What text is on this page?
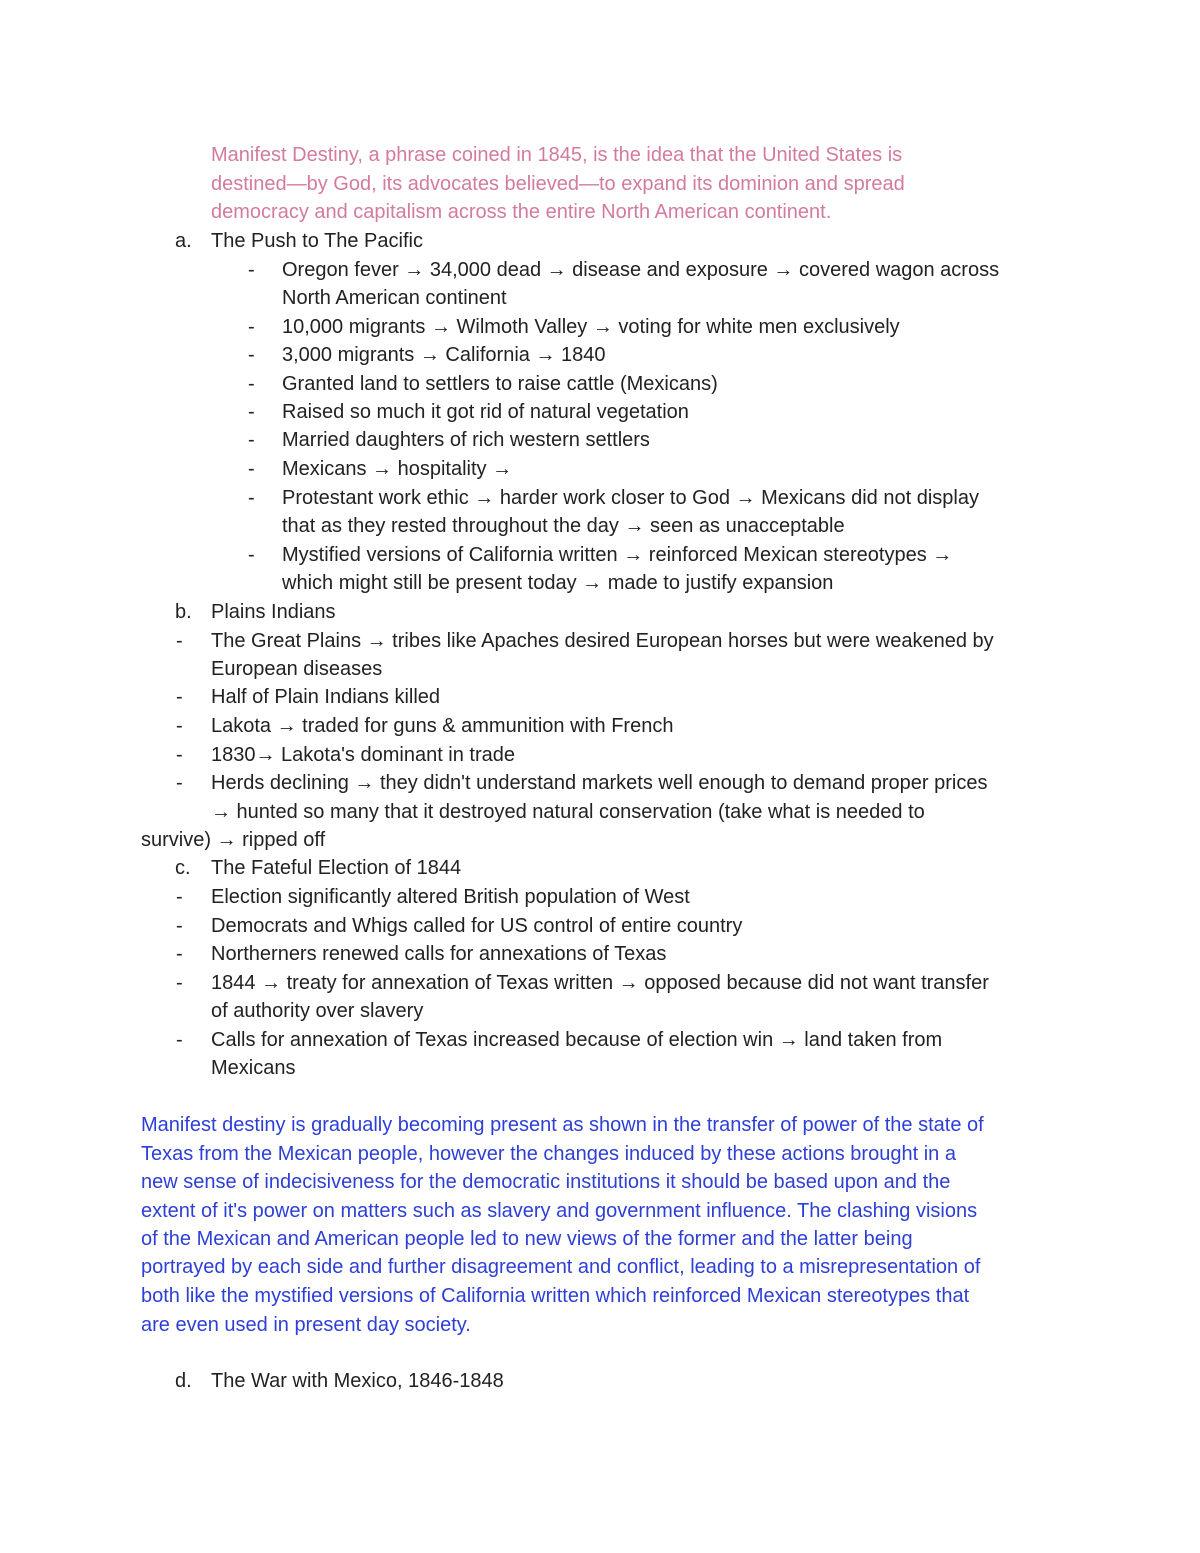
Manifest Destiny, a phrase coined in 1845, is the idea that the United States is
destined—by God, its advocates believed—to expand its dominion and spread
democracy and capitalism across the entire North American continent.
a. The Push to The Pacific
- Oregon fever → 34,000 dead → disease and exposure → covered wagon across
North American continent
- 10,000 migrants → Wilmoth Valley → voting for white men exclusively
- 3,000 migrants → California → 1840
- Granted land to settlers to raise cattle (Mexicans)
- Raised so much it got rid of natural vegetation
- Married daughters of rich western settlers
- Mexicans → hospitality →
- Protestant work ethic → harder work closer to God → Mexicans did not display
that as they rested throughout the day → seen as unacceptable
- Mystified versions of California written → reinforced Mexican stereotypes →
which might still be present today → made to justify expansion
b. Plains Indians
- The Great Plains → tribes like Apaches desired European horses but were weakened by
European diseases
- Half of Plain Indians killed
- Lakota → traded for guns & ammunition with French
- 1830→ Lakota's dominant in trade
- Herds declining → they didn't understand markets well enough to demand proper prices
→ hunted so many that it destroyed natural conservation (take what is needed to
survive) → ripped off
c. The Fateful Election of 1844
- Election significantly altered British population of West
- Democrats and Whigs called for US control of entire country
- Northerners renewed calls for annexations of Texas
- 1844 → treaty for annexation of Texas written → opposed because did not want transfer
of authority over slavery
- Calls for annexation of Texas increased because of election win → land taken from
Mexicans
Manifest destiny is gradually becoming present as shown in the transfer of power of the state of
Texas from the Mexican people, however the changes induced by these actions brought in a
new sense of indecisiveness for the democratic institutions it should be based upon and the
extent of it's power on matters such as slavery and government influence. The clashing visions
of the Mexican and American people led to new views of the former and the latter being
portrayed by each side and further disagreement and conflict, leading to a misrepresentation of
both like the mystified versions of California written which reinforced Mexican stereotypes that
are even used in present day society.
d. The War with Mexico, 1846-1848
